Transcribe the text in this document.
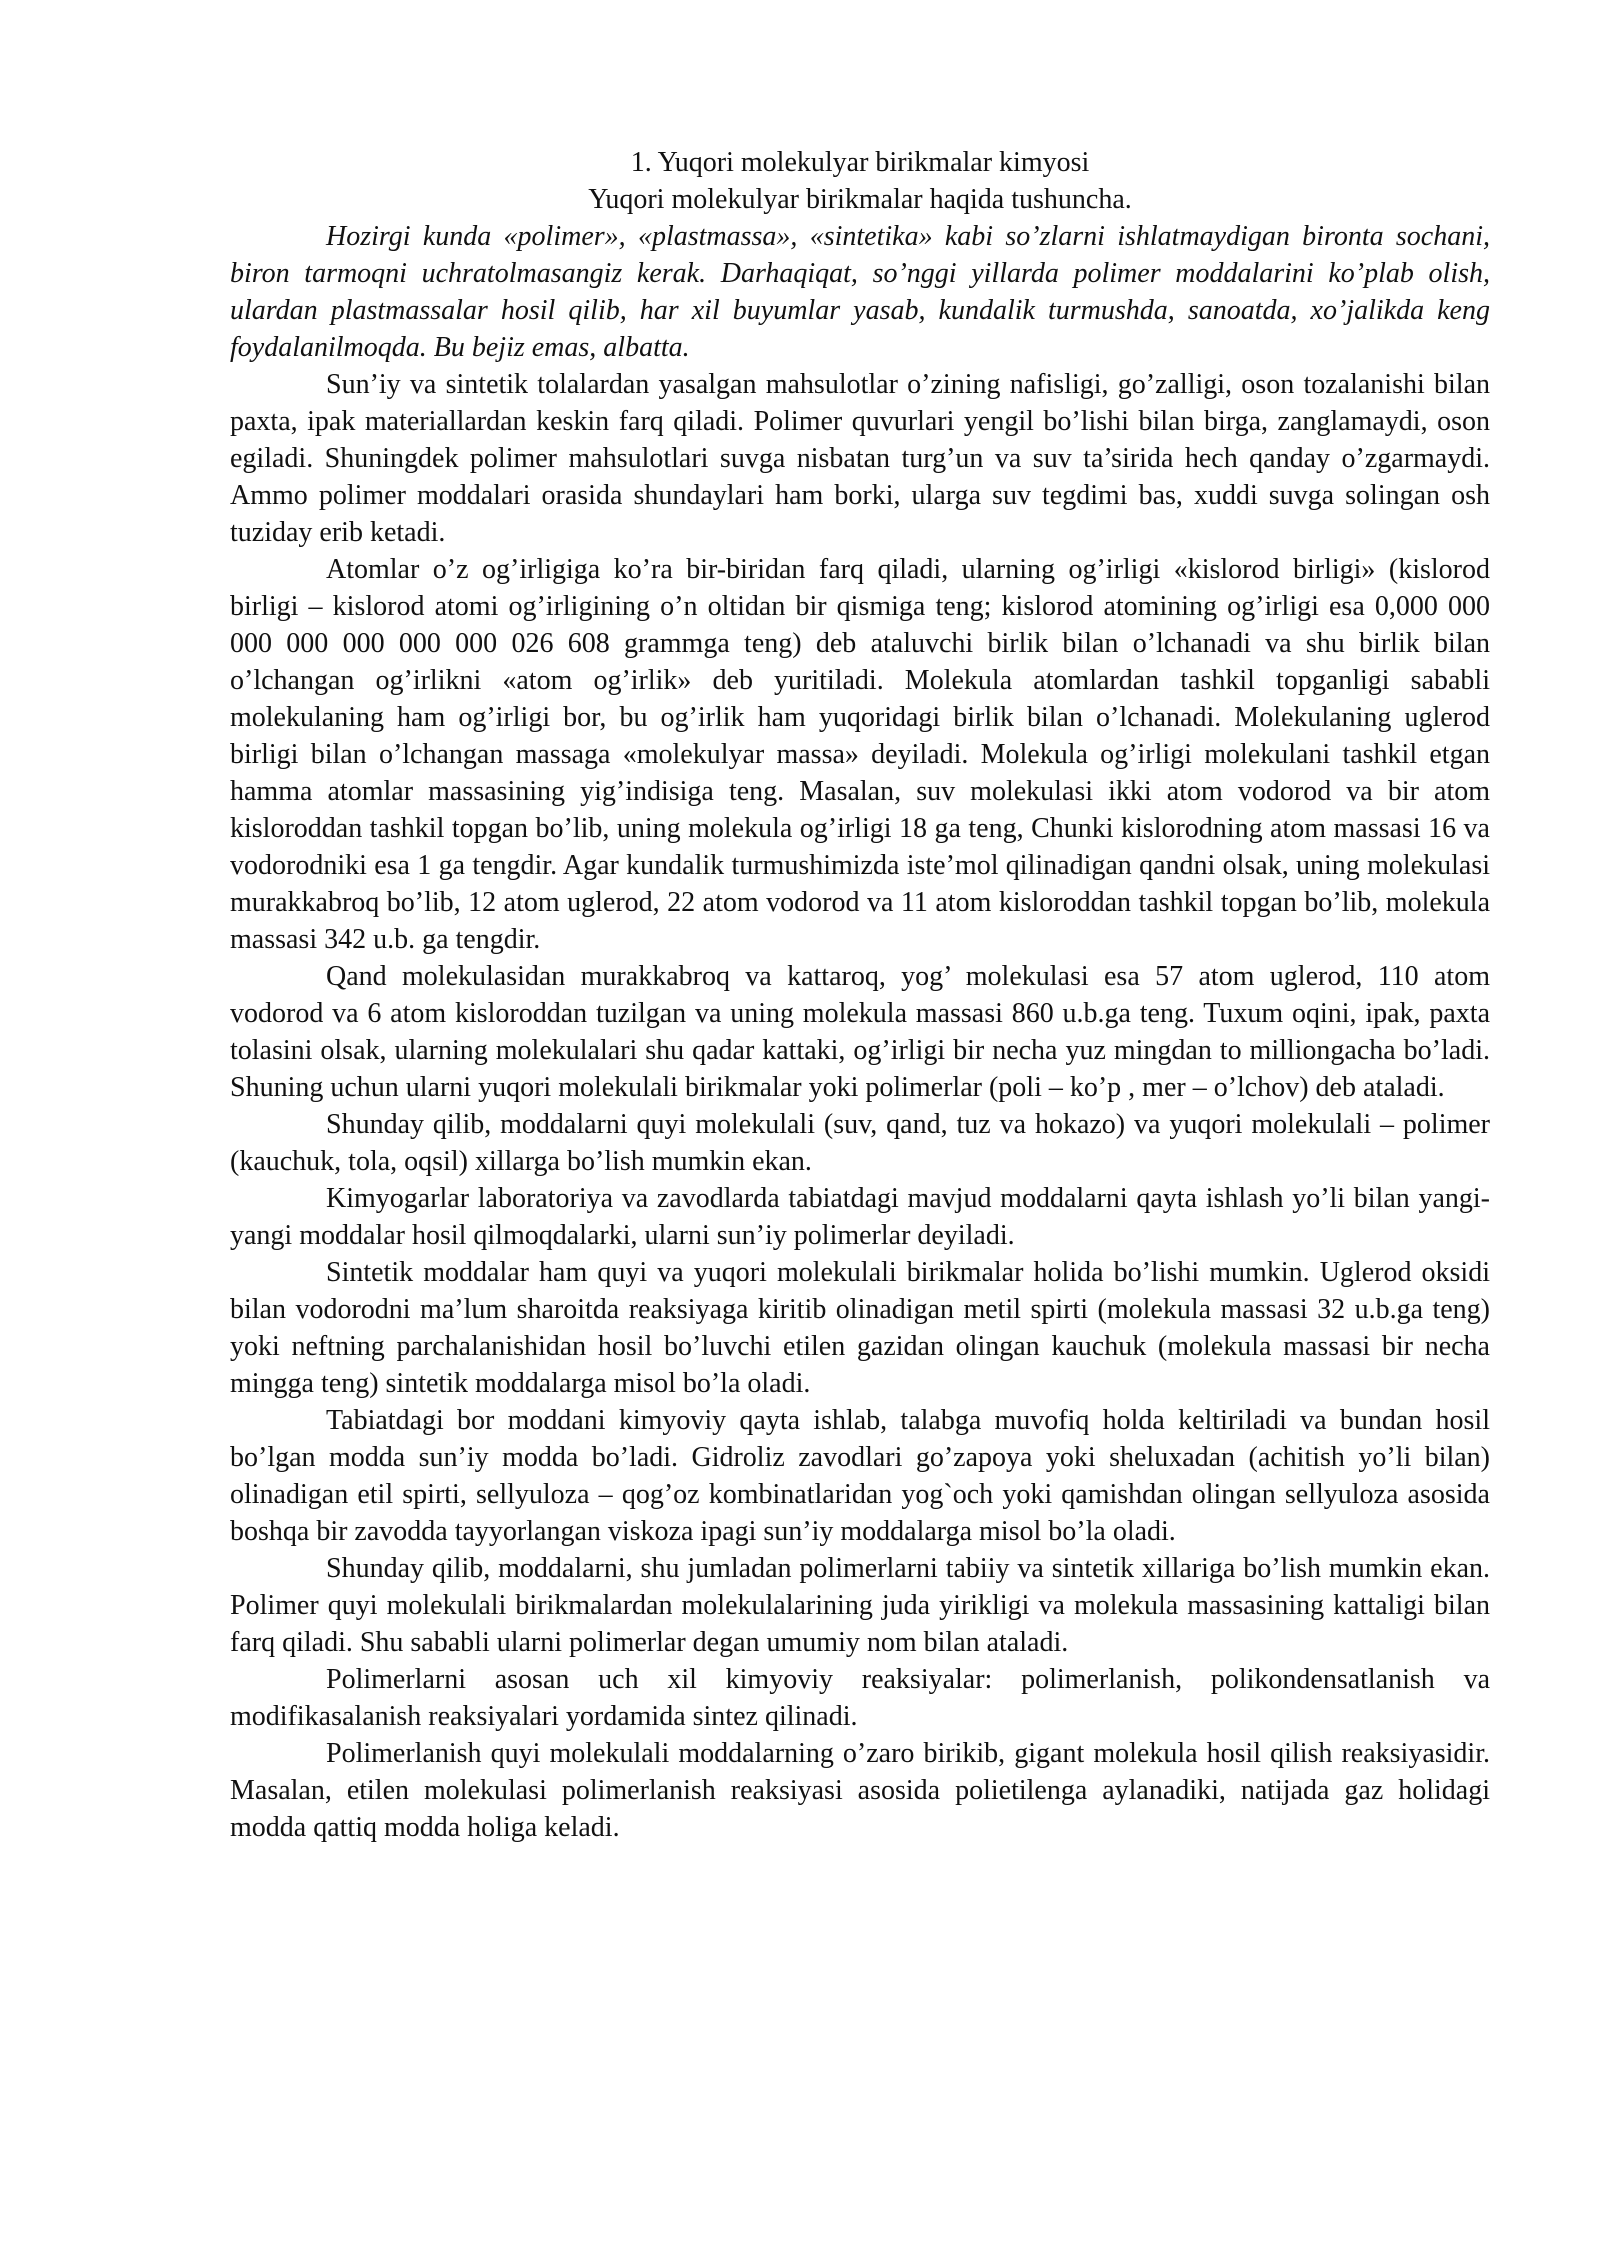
1. Yuqori molekulyar birikmalar kimyosi

Yuqori molekulyar birikmalar haqida tushuncha.

Hozirgi kunda «polimer», «plastmassa», «sintetika» kabi so’zlarni ishlatmaydigan bironta sochani, biron tarmoqni uchratolmasangiz kerak. Darhaqiqat, so’nggi yillarda polimer moddalarini ko’plab olish, ulardan plastmassalar hosil qilib, har xil buyumlar yasab, kundalik turmushda, sanoatda, xo’jalikda keng foydalanilmoqda. Bu bejiz emas, albatta.

Sun’iy va sintetik tolalardan yasalgan mahsulotlar o’zining nafisligi, go’zalligi, oson tozalanishi bilan paxta, ipak materiallardan keskin farq qiladi. Polimer quvurlari yengil bo’lishi bilan birga, zanglamaydi, oson egiladi. Shuningdek polimer mahsulotlari suvga nisbatan turg’un va suv ta’sirida hech qanday o’zgarmaydi. Ammo polimer moddalari orasida shundaylari ham borki, ularga suv tegdimi bas, xuddi suvga solingan osh tuziday erib ketadi.

Atomlar o’z og’irligiga ko’ra bir-biridan farq qiladi, ularning og’irligi «kislorod birligi» (kislorod birligi – kislorod atomi og’irligining o’n oltidan bir qismiga teng; kislorod atomining og’irligi esa 0,000 000 000 000 000 000 000 026 608 grammga teng) deb ataluvchi birlik bilan o’lchanadi va shu birlik bilan o’lchangan og’irlikni «atom og’irlik» deb yuritiladi. Molekula atomlardan tashkil topganligi sababli molekulaning ham og’irligi bor, bu og’irlik ham yuqoridagi birlik bilan o’lchanadi. Molekulaning uglerod birligi bilan o’lchangan massaga «molekulyar massa» deyiladi. Molekula og’irligi molekulani tashkil etgan hamma atomlar massasining yig’indisiga teng. Masalan, suv molekulasi ikki atom vodorod va bir atom kisloroddan tashkil topgan bo’lib, uning molekula og’irligi 18 ga teng, Chunki kislorodning atom massasi 16 va vodorodniki esa 1 ga tengdir. Agar kundalik turmushimizda iste’mol qilinadigan qandni olsak, uning molekulasi murakkabroq bo’lib, 12 atom uglerod, 22 atom vodorod va 11 atom kisloroddan tashkil topgan bo’lib, molekula massasi 342 u.b. ga tengdir.

Qand molekulasidan murakkabroq va kattaroq, yog’ molekulasi esa 57 atom uglerod, 110 atom vodorod va 6 atom kisloroddan tuzilgan va uning molekula massasi 860 u.b.ga teng. Tuxum oqini, ipak, paxta tolasini olsak, ularning molekulalari shu qadar kattaki, og’irligi bir necha yuz mingdan to milliongacha bo’ladi. Shuning uchun ularni yuqori molekulali birikmalar yoki polimerlar (poli – ko’p , mer – o’lchov) deb ataladi.

Shunday qilib, moddalarni quyi molekulali (suv, qand, tuz va hokazo) va yuqori molekulali – polimer (kauchuk, tola, oqsil) xillarga bo’lish mumkin ekan.

Kimyogarlar laboratoriya va zavodlarda tabiatdagi mavjud moddalarni qayta ishlash yo’li bilan yangi-yangi moddalar hosil qilmoqdalarki, ularni sun’iy polimerlar deyiladi.

Sintetik moddalar ham quyi va yuqori molekulali birikmalar holida bo’lishi mumkin. Uglerod oksidi bilan vodorodni ma’lum sharoitda reaksiyaga kiritib olinadigan metil spirti (molekula massasi 32 u.b.ga teng) yoki neftning parchalanishidan hosil bo’luvchi etilen gazidan olingan kauchuk (molekula massasi bir necha mingga teng) sintetik moddalarga misol bo’la oladi.

Tabiatdagi bor moddani kimyoviy qayta ishlab, talabga muvofiq holda keltiriladi va bundan hosil bo’lgan modda sun’iy modda bo’ladi. Gidroliz zavodlari go’zapoya yoki sheluxadan (achitish yo’li bilan) olinadigan etil spirti, sellyuloza – qog’oz kombinatlaridan yog`och yoki qamishdan olingan sellyuloza asosida boshqa bir zavodda tayyorlangan viskoza ipagi sun’iy moddalarga misol bo’la oladi.

Shunday qilib, moddalarni, shu jumladan polimerlarni tabiiy va sintetik xillariga bo’lish mumkin ekan. Polimer quyi molekulali birikmalardan molekulalarining juda yirikligi va molekula massasining kattaligi bilan farq qiladi. Shu sababli ularni polimerlar degan umumiy nom bilan ataladi.

Polimerlarni asosan uch xil kimyoviy reaksiyalar: polimerlanish, polikondensatlanish va modifikasalanish reaksiyalari yordamida sintez qilinadi.

Polimerlanish quyi molekulali moddalarning o’zaro birikib, gigant molekula hosil qilish reaksiyasidir. Masalan, etilen molekulasi polimerlanish reaksiyasi asosida polietilenga aylanadiki, natijada gaz holidagi modda qattiq modda holiga keladi.
